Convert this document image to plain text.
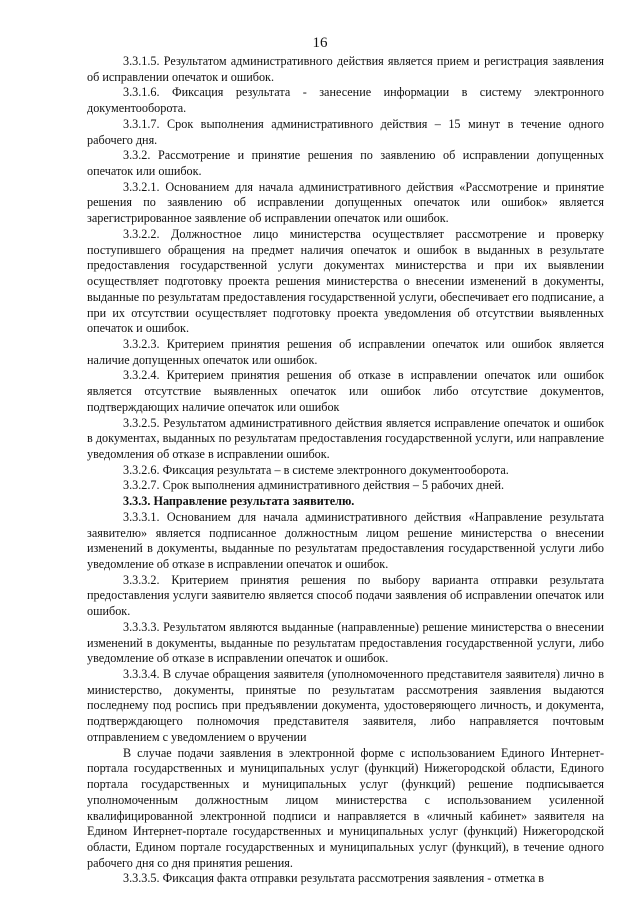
16

3.3.1.5. Результатом административного действия является прием и регистрация заявления об исправлении опечаток и ошибок.

3.3.1.6. Фиксация результата - занесение информации в систему электронного документооборота.

3.3.1.7. Срок выполнения административного действия – 15 минут в течение одного рабочего дня.

3.3.2. Рассмотрение и принятие решения по заявлению об исправлении допущенных опечаток или ошибок.

3.3.2.1. Основанием для начала административного действия «Рассмотрение и принятие решения по заявлению об исправлении допущенных опечаток или ошибок» является зарегистрированное заявление об исправлении опечаток или ошибок.

3.3.2.2. Должностное лицо министерства осуществляет рассмотрение и проверку поступившего обращения на предмет наличия опечаток и ошибок в выданных в результате предоставления государственной услуги документах министерства и при их выявлении осуществляет подготовку проекта решения министерства о внесении изменений в документы, выданные по результатам предоставления государственной услуги, обеспечивает его подписание, а при их отсутствии осуществляет подготовку проекта уведомления об отсутствии выявленных опечаток и ошибок.

3.3.2.3. Критерием принятия решения об исправлении опечаток или ошибок является наличие допущенных опечаток или ошибок.

3.3.2.4. Критерием принятия решения об отказе в исправлении опечаток или ошибок является отсутствие выявленных опечаток или ошибок либо отсутствие документов, подтверждающих наличие опечаток или ошибок

3.3.2.5. Результатом административного действия является исправление опечаток и ошибок в документах, выданных по результатам предоставления государственной услуги, или направление уведомления об отказе в исправлении ошибок.

3.3.2.6. Фиксация результата – в системе электронного документооборота.

3.3.2.7. Срок выполнения административного действия – 5 рабочих дней.

3.3.3. Направление результата заявителю.

3.3.3.1. Основанием для начала административного действия «Направление результата заявителю» является подписанное должностным лицом решение министерства о внесении изменений в документы, выданные по результатам предоставления государственной услуги либо уведомление об отказе в исправлении опечаток и ошибок.

3.3.3.2. Критерием принятия решения по выбору варианта отправки результата предоставления услуги заявителю является способ подачи заявления об исправлении опечаток или ошибок.

3.3.3.3. Результатом являются выданные (направленные) решение министерства о внесении изменений в документы, выданные по результатам предоставления государственной услуги, либо уведомление об отказе в исправлении опечаток и ошибок.

3.3.3.4. В случае обращения заявителя (уполномоченного представителя заявителя) лично в министерство, документы, принятые по результатам рассмотрения заявления выдаются последнему под роспись при предъявлении документа, удостоверяющего личность, и документа, подтверждающего полномочия представителя заявителя, либо направляется почтовым отправлением с уведомлением о вручении

В случае подачи заявления в электронной форме с использованием Единого Интернет-портала государственных и муниципальных услуг (функций) Нижегородской области, Единого портала государственных и муниципальных услуг (функций) решение подписывается уполномоченным должностным лицом министерства с использованием усиленной квалифицированной электронной подписи и направляется в «личный кабинет» заявителя на Едином Интернет-портале государственных и муниципальных услуг (функций) Нижегородской области, Едином портале государственных и муниципальных услуг (функций), в течение одного рабочего дня со дня принятия решения.

3.3.3.5. Фиксация факта отправки результата рассмотрения заявления - отметка в
